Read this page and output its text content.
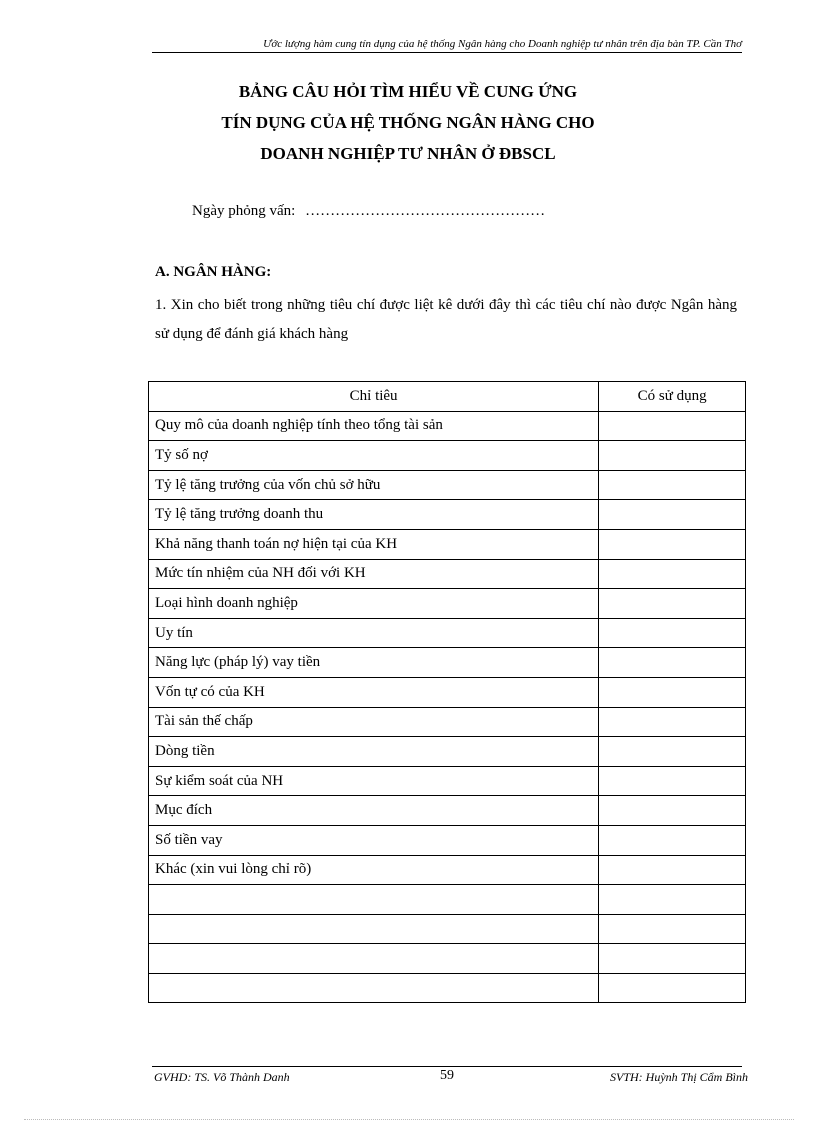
Ước lượng hàm cung tín dụng của hệ thống Ngân hàng cho Doanh nghiệp tư nhân trên địa bàn TP. Cần Thơ
BẢNG CÂU HỎI TÌM HIỂU VỀ CUNG ỨNG
TÍN DỤNG CỦA HỆ THỐNG NGÂN HÀNG CHO
DOANH NGHIỆP TƯ NHÂN Ở ĐBSCL
Ngày phỏng vấn: …………………………………………
A. NGÂN HÀNG:
1. Xin cho biết trong những tiêu chí được liệt kê dưới đây thì các tiêu chí nào được Ngân hàng sử dụng để đánh giá khách hàng
Chỉ tiêu	Có sử dụng
Quy mô của doanh nghiệp tính theo tổng tài sản	
Tỷ số nợ	
Tỷ lệ tăng trưởng của vốn chủ sở hữu	
Tỷ lệ tăng trưởng doanh thu	
Khả năng thanh toán nợ hiện tại của KH	
Mức tín nhiệm của NH đối với KH	
Loại hình doanh nghiệp	
Uy tín	
Năng lực (pháp lý) vay tiền	
Vốn tự có của KH	
Tài sản thế chấp	
Dòng tiền	
Sự kiểm soát của NH	
Mục đích	
Số tiền vay	
Khác (xin vui lòng chỉ rõ)	

GVHD: TS. Võ Thành Danh	59	SVTH: Huỳnh Thị Cẩm Bình
